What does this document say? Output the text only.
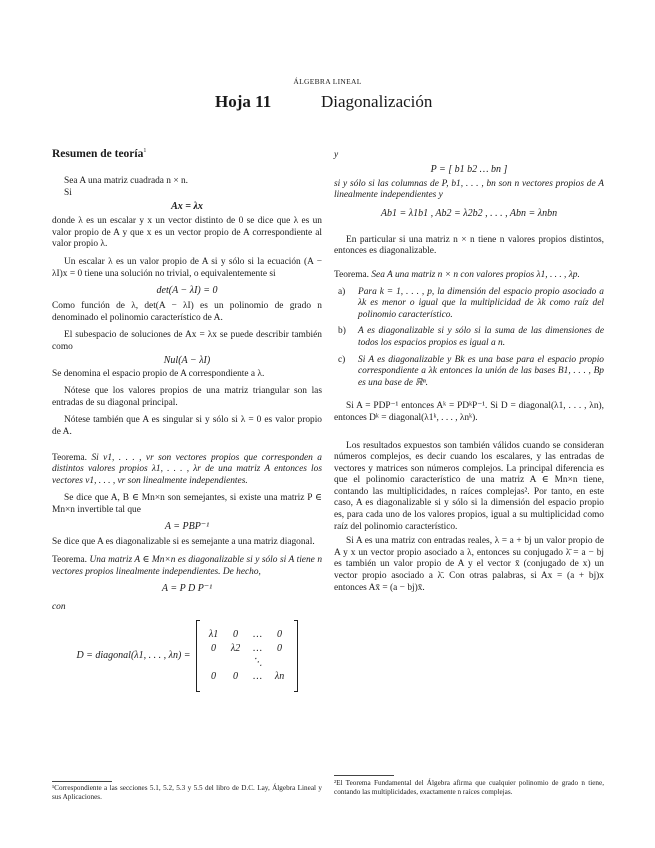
ÁLGEBRA LINEAL
Hoja 11	Diagonalización
Resumen de teoría$^1$

Sea A una matriz cuadrada n × n.

Si

Ax = λx

donde λ es un escalar y x un vector distinto de 0 se dice que λ es un valor propio de A y que x es un vector propio de A correspondiente al valor propio λ.

Un escalar λ es un valor propio de A si y sólo si la ecuación (A − λI)x = 0 tiene una solución no trivial, o equivalentemente si

det(A − λI) = 0

Como función de λ, det(A − λI) es un polinomio de grado n denominado el polinomio característico de A.

El subespacio de soluciones de Ax = λx se puede describir también como

Nul(A − λI)

Se denomina el espacio propio de A correspondiente a λ.

Nótese que los valores propios de una matriz triangular son las entradas de su diagonal principal.

Nótese también que A es singular si y sólo si λ = 0 es valor propio de A.

Teorema. Si v1, . . . , vr son vectores propios que corresponden a distintos valores propios λ1, . . . , λr de una matriz A entonces los vectores v1, . . . , vr son linealmente independientes.

Se dice que A, B ∈ Mn×n son semejantes, si existe una matriz P ∈ Mn×n invertible tal que

A = PBP⁻¹

Se dice que A es diagonalizable si es semejante a una matriz diagonal.

Teorema. Una matriz A ∈ Mn×n es diagonalizable si y sólo si A tiene n vectores propios linealmente independientes. De hecho,

A = P D P⁻¹

con

D = diagonal(λ1, . . . , λn) =
λ1	0	…	0
0	λ2	…	0
⋱
0	0	…	λn
¹Correspondiente a las secciones 5.1, 5.2, 5.3 y 5.5 del libro de D.C. Lay, Álgebra Lineal y sus Aplicaciones.

y

P = [ b1 b2 … bn ]

si y sólo si las columnas de P, b1, . . . , bn son n vectores propios de A linealmente independientes y

Ab1 = λ1b1 , Ab2 = λ2b2 , . . . , Abn = λnbn

En particular si una matriz n × n tiene n valores propios distintos, entonces es diagonalizable.

Teorema. Sea A una matriz n × n con valores propios λ1, . . . , λp.

a)	Para k = 1, . . . , p, la dimensión del espacio propio asociado a λk es menor o igual que la multiplicidad de λk como raíz del polinomio característico.
b)	A es diagonalizable si y sólo si la suma de las dimensiones de todos los espacios propios es igual a n.
c)	Si A es diagonalizable y Bk es una base para el espacio propio correspondiente a λk entonces la unión de las bases B1, . . . , Bp es una base de ℝⁿ.

Si A = PDP⁻¹ entonces Aᵏ = PDᵏP⁻¹. Si D = diagonal(λ1, . . . , λn), entonces Dᵏ = diagonal(λ1ᵏ, . . . , λnᵏ).

Los resultados expuestos son también válidos cuando se consideran números complejos, es decir cuando los escalares, y las entradas de vectores y matrices son números complejos. La principal diferencia es que el polinomio característico de una matriz A ∈ Mn×n tiene, contando las multiplicidades, n raíces complejas². Por tanto, en este caso, A es diagonalizable si y sólo si la dimensión del espacio propio es, para cada uno de los valores propios, igual a su multiplicidad como raíz del polinomio característico.

Si A es una matriz con entradas reales, λ = a + bj un valor propio de A y x un vector propio asociado a λ, entonces su conjugado λ̄ = a − bj es también un valor propio de A y el vector x̄ (conjugado de x) un vector propio asociado a λ̄. Con otras palabras, si Ax = (a + bj)x entonces Ax̄ = (a − bj)x̄.

²El Teorema Fundamental del Álgebra afirma que cualquier polinomio de grado n tiene, contando las multiplicidades, exactamente n raíces complejas.
